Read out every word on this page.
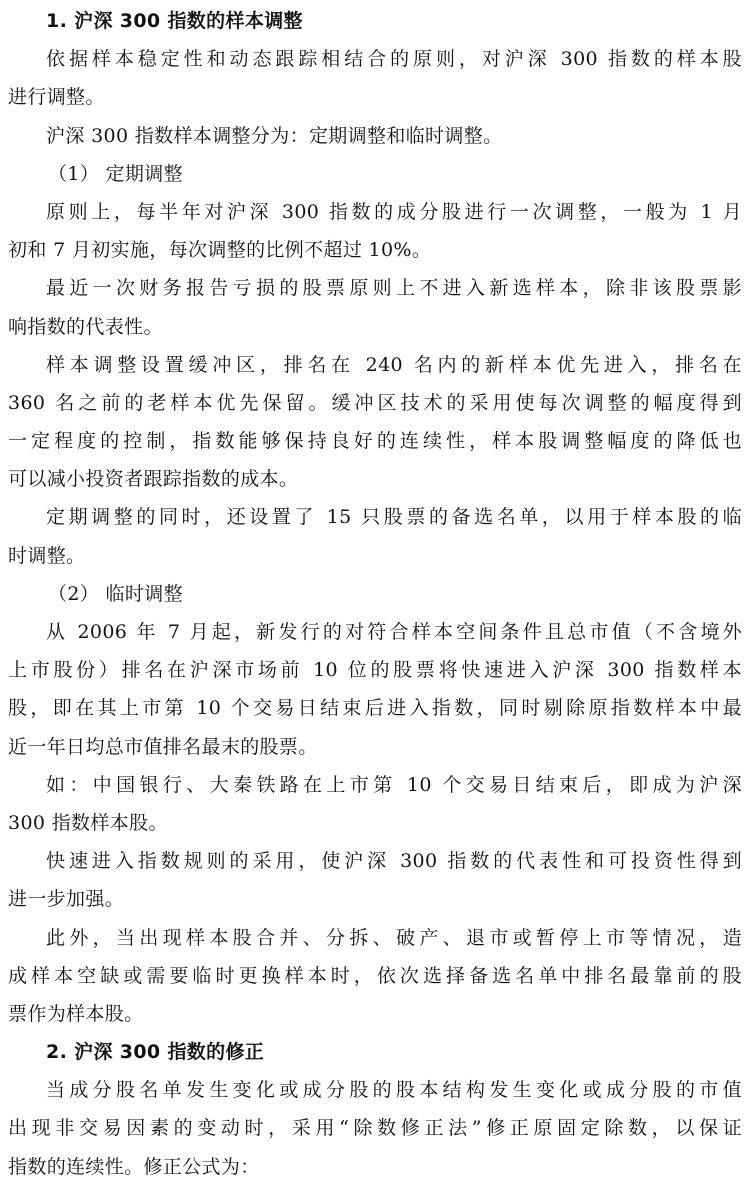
1. 沪深 300 指数的样本调整
依据样本稳定性和动态跟踪相结合的原则，对沪深 300 指数的样本股
进行调整。
沪深 300 指数样本调整分为：定期调整和临时调整。
（1） 定期调整
原则上，每半年对沪深 300 指数的成分股进行一次调整，一般为 1 月
初和 7 月初实施，每次调整的比例不超过 10%。
最近一次财务报告亏损的股票原则上不进入新选样本，除非该股票影
响指数的代表性。
样本调整设置缓冲区，排名在 240 名内的新样本优先进入，排名在
360 名之前的老样本优先保留。缓冲区技术的采用使每次调整的幅度得到
一定程度的控制，指数能够保持良好的连续性，样本股调整幅度的降低也
可以减小投资者跟踪指数的成本。
定期调整的同时，还设置了 15 只股票的备选名单，以用于样本股的临
时调整。
（2） 临时调整
从 2006 年 7 月起，新发行的对符合样本空间条件且总市值（不含境外
上市股份）排名在沪深市场前 10 位的股票将快速进入沪深 300 指数样本
股，即在其上市第 10 个交易日结束后进入指数，同时剔除原指数样本中最
近一年日均总市值排名最末的股票。
如：中国银行、大秦铁路在上市第 10 个交易日结束后，即成为沪深
300 指数样本股。
快速进入指数规则的采用，使沪深 300 指数的代表性和可投资性得到
进一步加强。
此外，当出现样本股合并、分拆、破产、退市或暂停上市等情况，造
成样本空缺或需要临时更换样本时，依次选择备选名单中排名最靠前的股
票作为样本股。
2. 沪深 300 指数的修正
当成分股名单发生变化或成分股的股本结构发生变化或成分股的市值
出现非交易因素的变动时，采用“除数修正法”修正原固定除数，以保证
指数的连续性。修正公式为：
